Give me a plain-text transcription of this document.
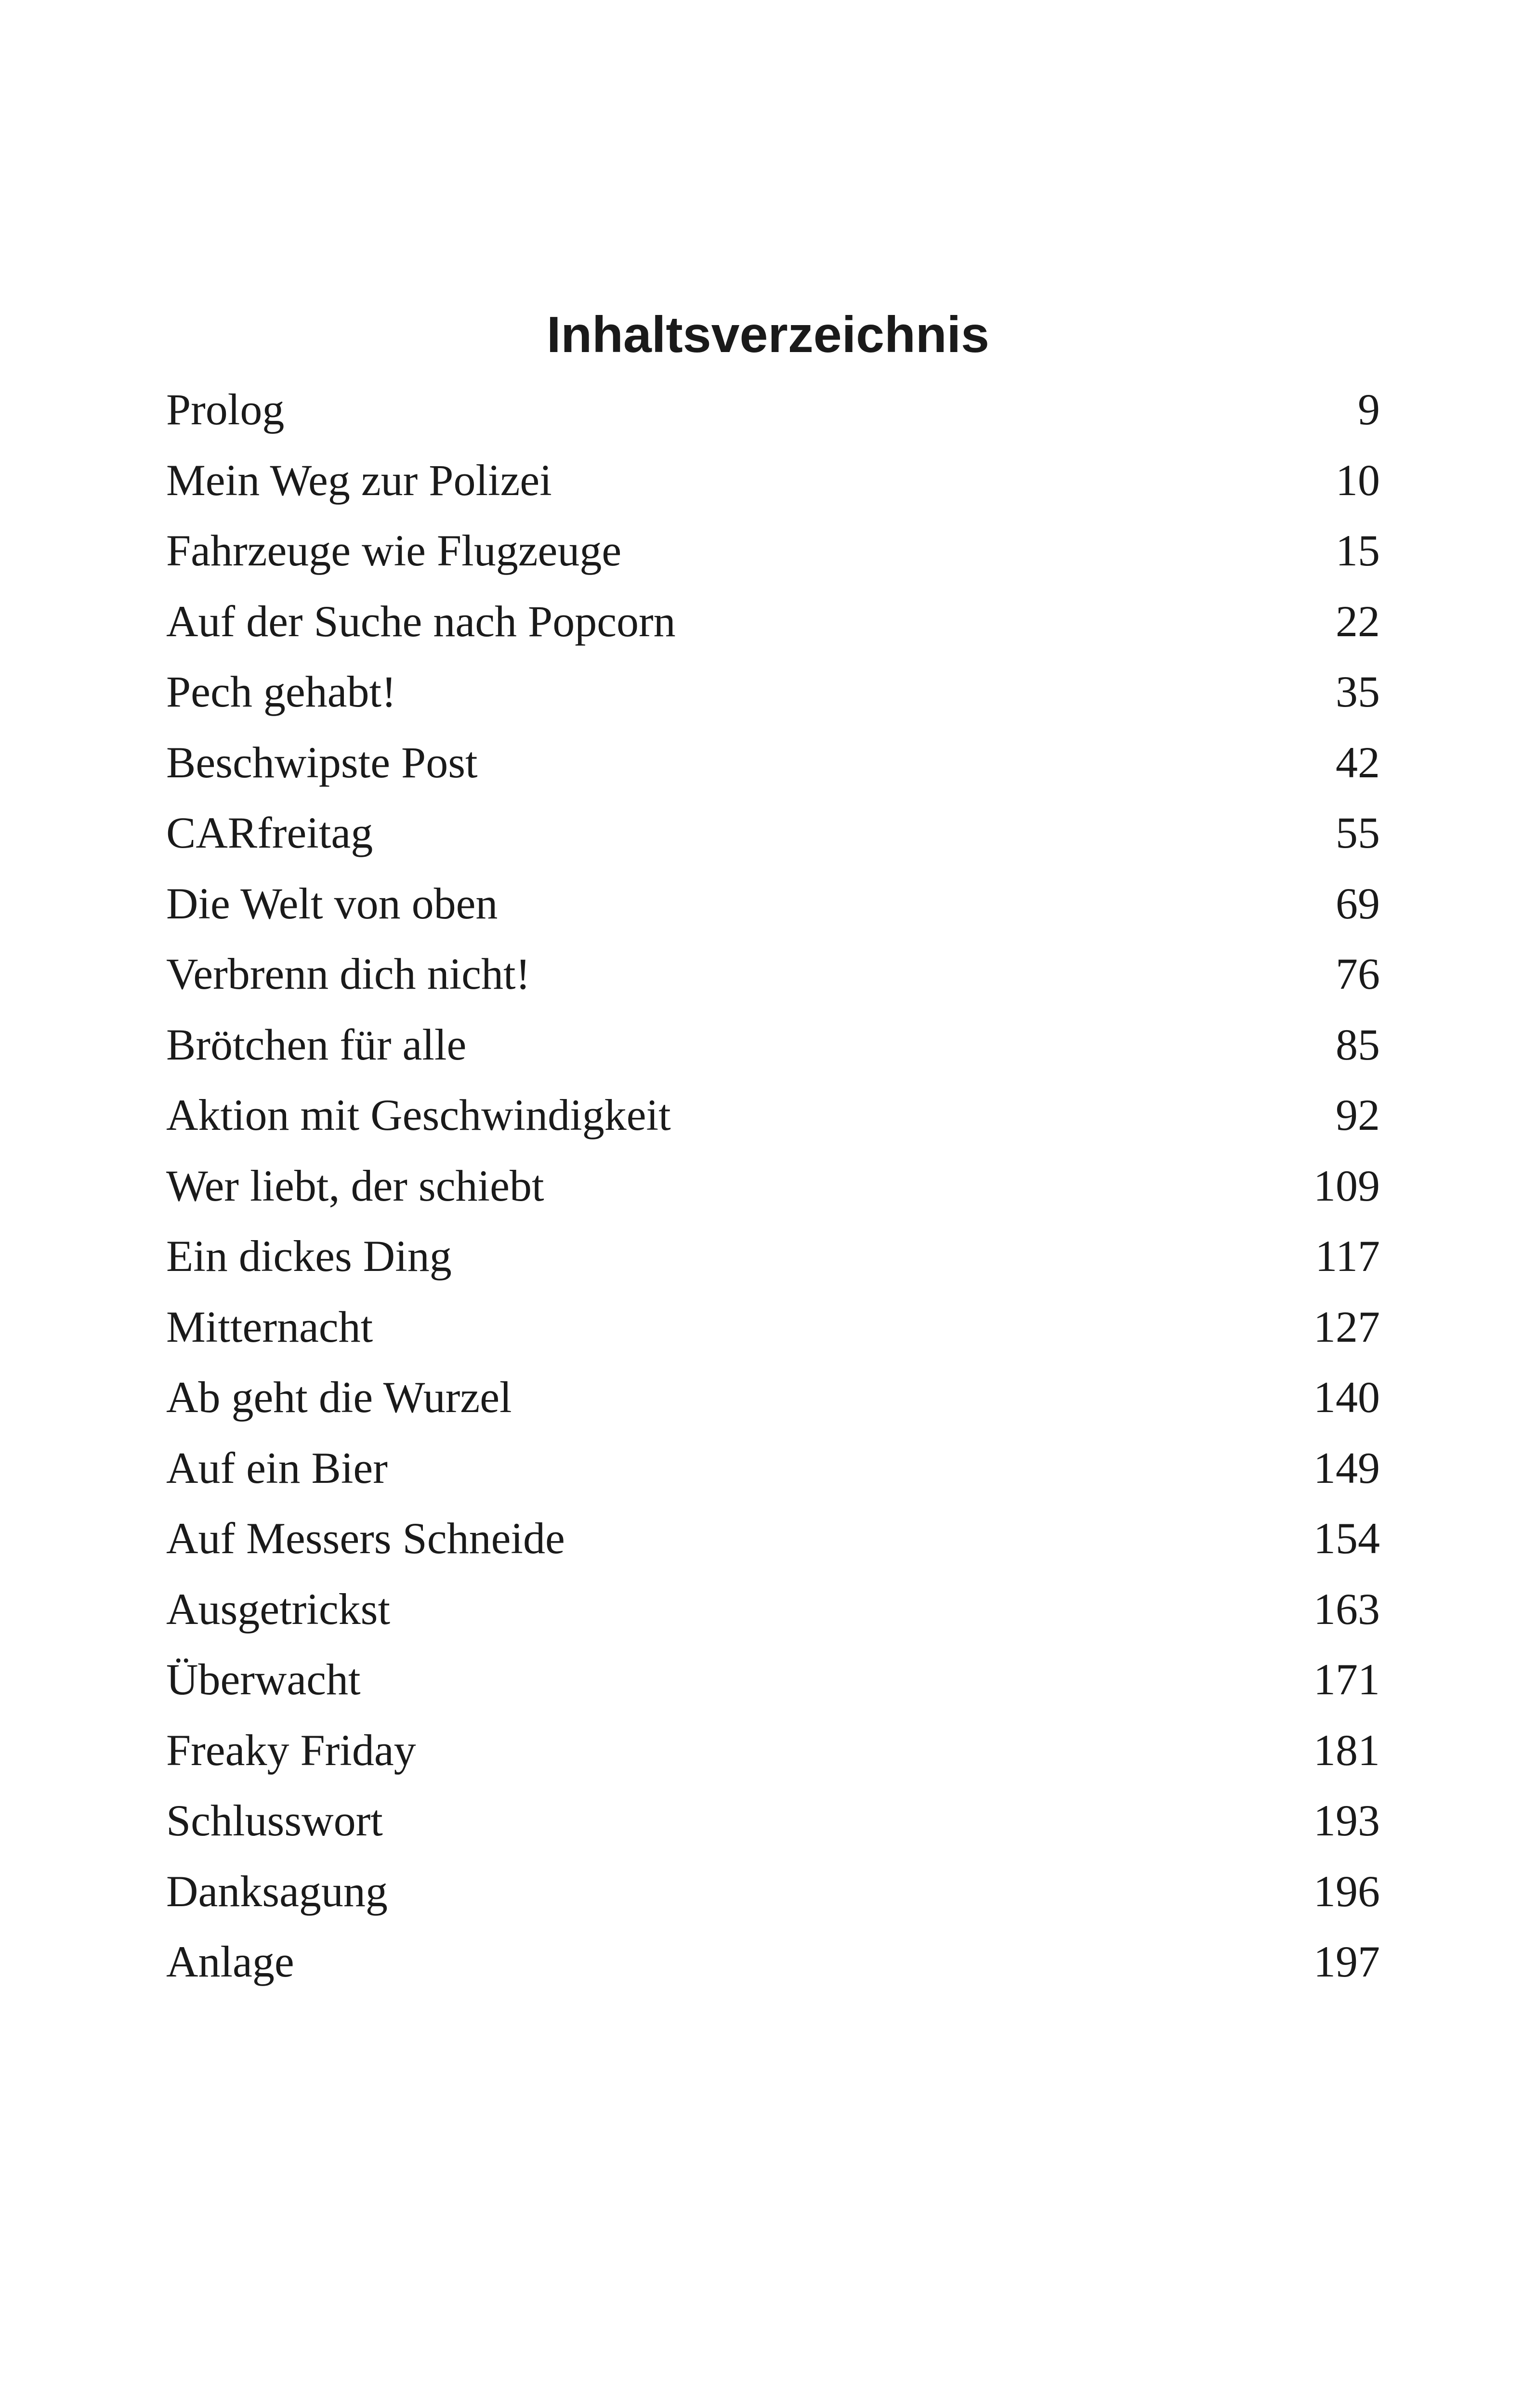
Inhaltsverzeichnis
Prolog	9
Mein Weg zur Polizei	10
Fahrzeuge wie Flugzeuge	15
Auf der Suche nach Popcorn	22
Pech gehabt!	35
Beschwipste Post	42
CARfreitag	55
Die Welt von oben	69
Verbrenn dich nicht!	76
Brötchen für alle	85
Aktion mit Geschwindigkeit	92
Wer liebt, der schiebt	109
Ein dickes Ding	117
Mitternacht	127
Ab geht die Wurzel	140
Auf ein Bier	149
Auf Messers Schneide	154
Ausgetrickst	163
Überwacht	171
Freaky Friday	181
Schlusswort	193
Danksagung	196
Anlage	197
